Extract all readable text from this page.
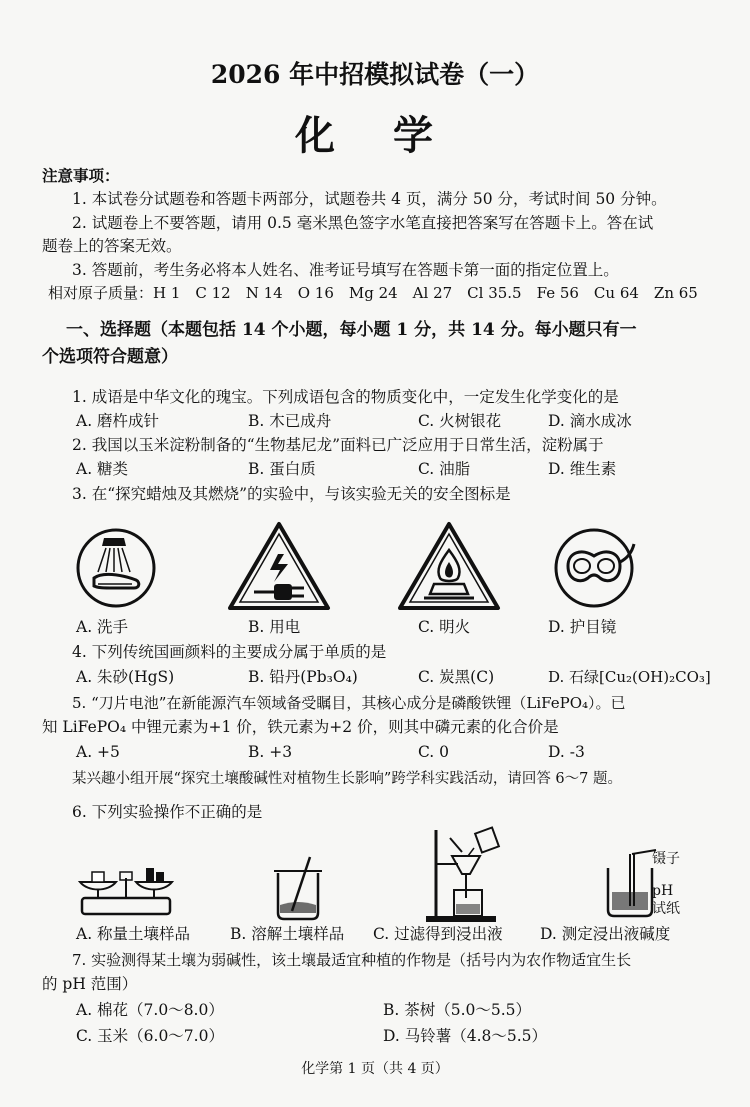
2026 年中招模拟试卷（一）
化 学
注意事项：
1. 本试卷分试题卷和答题卡两部分，试题卷共 4 页，满分 50 分，考试时间 50 分钟。
2. 试题卷上不要答题，请用 0.5 毫米黑色签字水笔直接把答案写在答题卡上。答在试
题卷上的答案无效。
3. 答题前，考生务必将本人姓名、准考证号填写在答题卡第一面的指定位置上。
相对原子质量：H 1　C 12　N 14　O 16　Mg 24　Al 27　Cl 35.5　Fe 56　Cu 64　Zn 65
一、选择题（本题包括 14 个小题，每小题 1 分，共 14 分。每小题只有一
个选项符合题意）
1. 成语是中华文化的瑰宝。下列成语包含的物质变化中，一定发生化学变化的是
A. 磨杵成针	B. 木已成舟	C. 火树银花	D. 滴水成冰
2. 我国以玉米淀粉制备的“生物基尼龙”面料已广泛应用于日常生活，淀粉属于
A. 糖类	B. 蛋白质	C. 油脂	D. 维生素
3. 在“探究蜡烛及其燃烧”的实验中，与该实验无关的安全图标是
A. 洗手	B. 用电	C. 明火	D. 护目镜
4. 下列传统国画颜料的主要成分属于单质的是
A. 朱砂(HgS)	B. 铅丹(Pb₃O₄)	C. 炭黑(C)	D. 石绿[Cu₂(OH)₂CO₃]
5. “刀片电池”在新能源汽车领域备受瞩目，其核心成分是磷酸铁锂（LiFePO₄）。已
知 LiFePO₄ 中锂元素为+1 价，铁元素为+2 价，则其中磷元素的化合价是
A. +5	B. +3	C. 0	D. -3
某兴趣小组开展“探究土壤酸碱性对植物生长影响”跨学科实践活动，请回答 6～7 题。
6. 下列实验操作不正确的是
镊子
pH
试纸
A. 称量土壤样品	B. 溶解土壤样品 C. 过滤得到浸出液 D. 测定浸出液碱度
7. 实验测得某土壤为弱碱性，该土壤最适宜种植的作物是（括号内为农作物适宜生长
的 pH 范围）
A. 棉花（7.0～8.0）	B. 茶树（5.0～5.5）
C. 玉米（6.0～7.0）	D. 马铃薯（4.8～5.5）
化学第 1 页（共 4 页）
